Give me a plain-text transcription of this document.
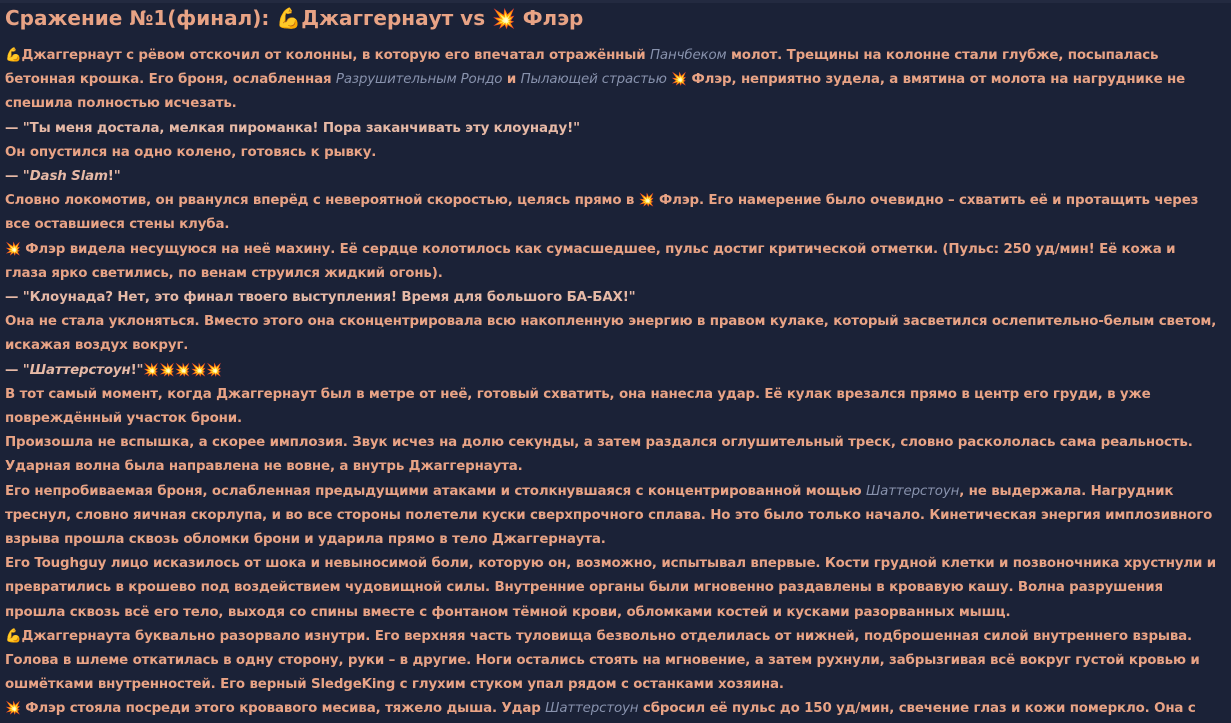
Сражение №1(финал): 💪Джаггернаут vs 💥 Флэр

💪Джаггернаут с рёвом отскочил от колонны, в которую его впечатал отражённый Панчбеком молот. Трещины на колонне стали глубже, посыпалась бетонная крошка. Его броня, ослабленная Разрушительным Рондо и Пылающей страстью 💥 Флэр, неприятно зудела, а вмятина от молота на нагруднике не спешила полностью исчезать.

— "Ты меня достала, мелкая пироманка! Пора заканчивать эту клоунаду!"

Он опустился на одно колено, готовясь к рывку.

— "Dash Slam!"

Словно локомотив, он рванулся вперёд с невероятной скоростью, целясь прямо в 💥 Флэр. Его намерение было очевидно – схватить её и протащить через все оставшиеся стены клуба.

💥 Флэр видела несущуюся на неё махину. Её сердце колотилось как сумасшедшее, пульс достиг критической отметки. (Пульс: 250 уд/мин! Её кожа и глаза ярко светились, по венам струился жидкий огонь).

— "Клоунада? Нет, это финал твоего выступления! Время для большого БА-БАХ!"

Она не стала уклоняться. Вместо этого она сконцентрировала всю накопленную энергию в правом кулаке, который засветился ослепительно-белым светом, искажая воздух вокруг.

— "Шаттерстоун!"💥💥💥💥💥

В тот самый момент, когда Джаггернаут был в метре от неё, готовый схватить, она нанесла удар. Её кулак врезался прямо в центр его груди, в уже повреждённый участок брони.

Произошла не вспышка, а скорее имплозия. Звук исчез на долю секунды, а затем раздался оглушительный треск, словно раскололась сама реальность. Ударная волна была направлена не вовне, а внутрь Джаггернаута.

Его непробиваемая броня, ослабленная предыдущими атаками и столкнувшаяся с концентрированной мощью Шаттерстоун, не выдержала. Нагрудник треснул, словно яичная скорлупа, и во все стороны полетели куски сверхпрочного сплава. Но это было только начало. Кинетическая энергия имплозивного взрыва прошла сквозь обломки брони и ударила прямо в тело Джаггернаута.

Его Toughguy лицо исказилось от шока и невыносимой боли, которую он, возможно, испытывал впервые. Кости грудной клетки и позвоночника хрустнули и превратились в крошево под воздействием чудовищной силы. Внутренние органы были мгновенно раздавлены в кровавую кашу. Волна разрушения прошла сквозь всё его тело, выходя со спины вместе с фонтаном тёмной крови, обломками костей и кусками разорванных мышц.

💪Джаггернаута буквально разорвало изнутри. Его верхняя часть туловища безвольно отделилась от нижней, подброшенная силой внутреннего взрыва. Голова в шлеме откатилась в одну сторону, руки – в другие. Ноги остались стоять на мгновение, а затем рухнули, забрызгивая всё вокруг густой кровью и ошмётками внутренностей. Его верный SledgeKing с глухим стуком упал рядом с останками хозяина.

💥 Флэр стояла посреди этого кровавого месива, тяжело дыша. Удар Шаттерстоун сбросил её пульс до 150 уд/мин, свечение глаз и кожи померкло. Она с
